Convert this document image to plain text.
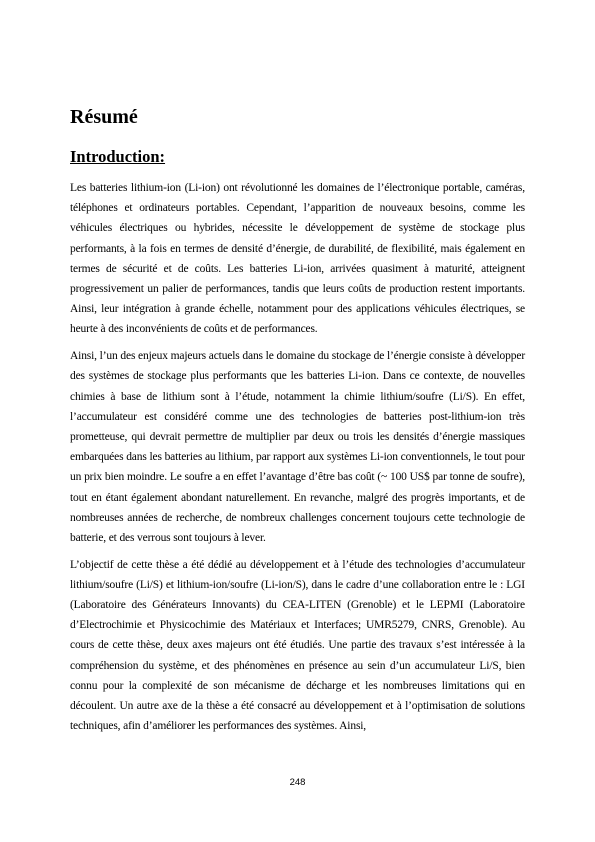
Résumé
Introduction:

Les batteries lithium-ion (Li-ion) ont révolutionné les domaines de l’électronique portable, caméras, téléphones et ordinateurs portables. Cependant, l’apparition de nouveaux besoins, comme les véhicules électriques ou hybrides, nécessite le développement de système de stockage plus performants, à la fois en termes de densité d’énergie, de durabilité, de flexibilité, mais également en termes de sécurité et de coûts. Les batteries Li-ion, arrivées quasiment à maturité, atteignent progressivement un palier de performances, tandis que leurs coûts de production restent importants. Ainsi, leur intégration à grande échelle, notamment pour des applications véhicules électriques, se heurte à des inconvénients de coûts et de performances.

Ainsi, l’un des enjeux majeurs actuels dans le domaine du stockage de l’énergie consiste à développer des systèmes de stockage plus performants que les batteries Li-ion. Dans ce contexte, de nouvelles chimies à base de lithium sont à l’étude, notamment la chimie lithium/soufre (Li/S). En effet, l’accumulateur est considéré comme une des technologies de batteries post-lithium-ion très prometteuse, qui devrait permettre de multiplier par deux ou trois les densités d’énergie massiques embarquées dans les batteries au lithium, par rapport aux systèmes Li-ion conventionnels, le tout pour un prix bien moindre. Le soufre a en effet l’avantage d’être bas coût (~ 100 US$ par tonne de soufre), tout en étant également abondant naturellement. En revanche, malgré des progrès importants, et de nombreuses années de recherche, de nombreux challenges concernent toujours cette technologie de batterie, et des verrous sont toujours à lever.

L’objectif de cette thèse a été dédié au développement et à l’étude des technologies d’accumulateur lithium/soufre (Li/S) et lithium-ion/soufre (Li-ion/S), dans le cadre d’une collaboration entre le : LGI (Laboratoire des Générateurs Innovants) du CEA-LITEN (Grenoble) et le LEPMI (Laboratoire d’Electrochimie et Physicochimie des Matériaux et Interfaces; UMR5279, CNRS, Grenoble). Au cours de cette thèse, deux axes majeurs ont été étudiés. Une partie des travaux s’est intéressée à la compréhension du système, et des phénomènes en présence au sein d’un accumulateur Li/S, bien connu pour la complexité de son mécanisme de décharge et les nombreuses limitations qui en découlent. Un autre axe de la thèse a été consacré au développement et à l’optimisation de solutions techniques, afin d’améliorer les performances des systèmes. Ainsi,

248
